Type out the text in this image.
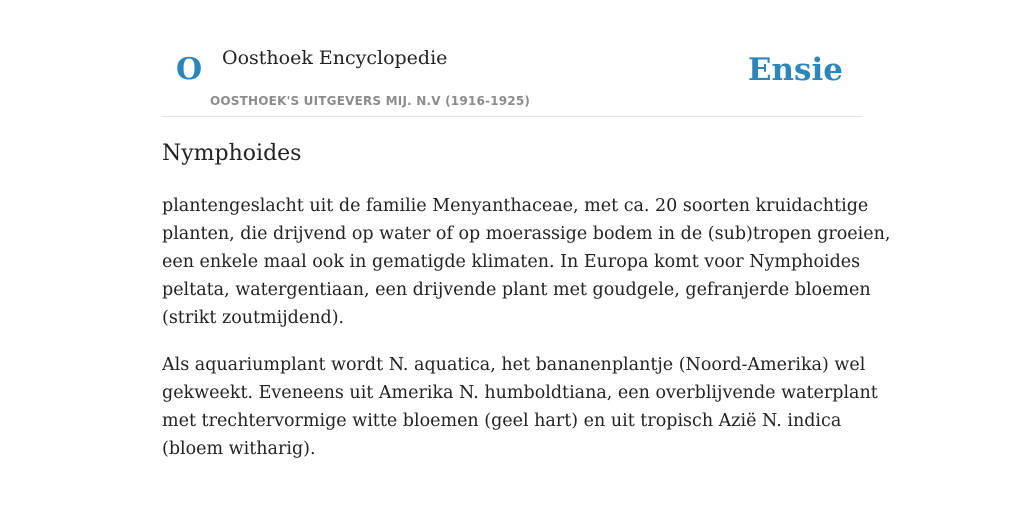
O Oosthoek Encyclopedie
OOSTHOEK'S UITGEVERS MIJ. N.V (1916-1925)
Ensie
Nymphoides

plantengeslacht uit de familie Menyanthaceae, met ca. 20 soorten kruidachtige
planten, die drijvend op water of op moerassige bodem in de (sub)tropen groeien,
een enkele maal ook in gematigde klimaten. In Europa komt voor Nymphoides
peltata, watergentiaan, een drijvende plant met goudgele, gefranjerde bloemen
(strikt zoutmijdend).

Als aquariumplant wordt N. aquatica, het bananenplantje (Noord-Amerika) wel
gekweekt. Eveneens uit Amerika N. humboldtiana, een overblijvende waterplant
met trechtervormige witte bloemen (geel hart) en uit tropisch Azië N. indica
(bloem witharig).
